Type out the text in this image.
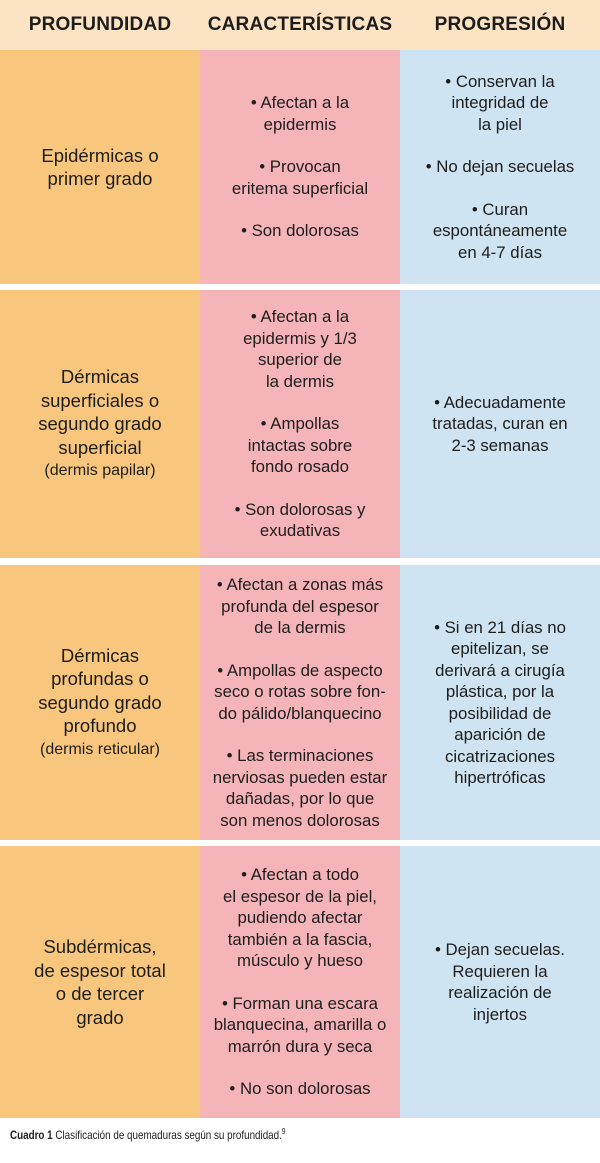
PROFUNDIDAD	CARACTERÍSTICAS	PROGRESIÓN
Epidérmicas o
primer grado
• Afectan a la
epidermis
• Provocan
eritema superficial
• Son dolorosas
• Conservan la
integridad de
la piel
• No dejan secuelas
• Curan
espontáneamente
en 4-7 días
Dérmicas
superficiales o
segundo grado
superficial
(dermis papilar)
• Afectan a la
epidermis y 1/3
superior de
la dermis
• Ampollas
intactas sobre
fondo rosado
• Son dolorosas y
exudativas
• Adecuadamente
tratadas, curan en
2-3 semanas
Dérmicas
profundas o
segundo grado
profundo
(dermis reticular)
• Afectan a zonas más
profunda del espesor
de la dermis
• Ampollas de aspecto
seco o rotas sobre fon-
do pálido/blanquecino
• Las terminaciones
nerviosas pueden estar
dañadas, por lo que
son menos dolorosas
• Si en 21 días no
epitelizan, se
derivará a cirugía
plástica, por la
posibilidad de
aparición de
cicatrizaciones
hipertróficas
Subdérmicas,
de espesor total
o de tercer
grado
• Afectan a todo
el espesor de la piel,
pudiendo afectar
también a la fascia,
músculo y hueso
• Forman una escara
blanquecina, amarilla o
marrón dura y seca
• No son dolorosas
• Dejan secuelas.
Requieren la
realización de
injertos
Cuadro 1 Clasificación de quemaduras según su profundidad.$^9$
